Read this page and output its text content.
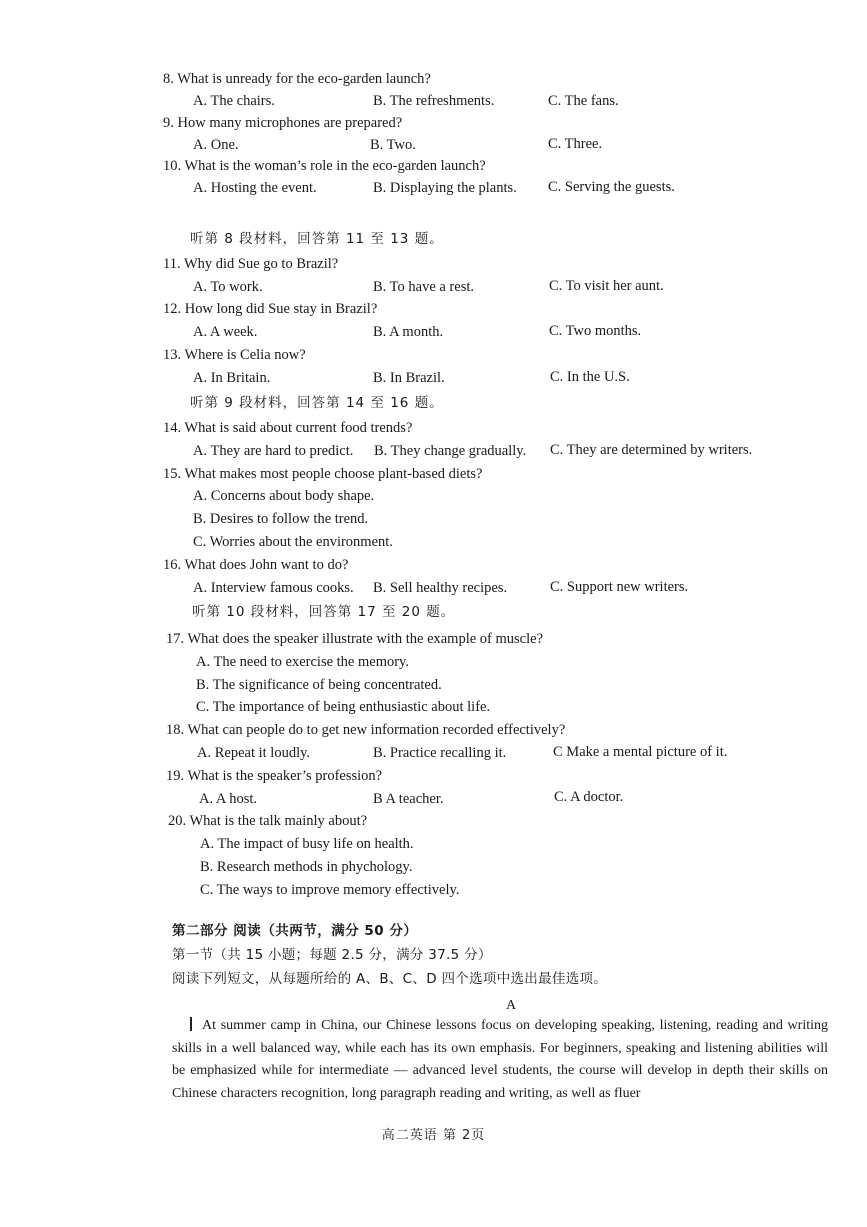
8. What is unready for the eco-garden launch?
A. The chairs.	B. The refreshments.	C. The fans.
9. How many microphones are prepared?
A. One.	B. Two.	C. Three.
10. What is the woman’s role in the eco-garden launch?
A. Hosting the event.	B. Displaying the plants. C. Serving the guests.
听第 8 段材料，回答第 11 至 13 题。
11. Why did Sue go to Brazil?
A. To work.	B. To have a rest.	C. To visit her aunt.
12. How long did Sue stay in Brazil?
A. A week.	B. A month.	C. Two months.
13. Where is Celia now?
A. In Britain.	B. In Brazil.	C. In the U.S.
听第 9 段材料，回答第 14 至 16 题。
14. What is said about current food trends?
A. They are hard to predict. B. They change gradually. C. They are determined by writers.
15. What makes most people choose plant-based diets?
A. Concerns about body shape.
B. Desires to follow the trend.
C. Worries about the environment.
16. What does John want to do?
A. Interview famous cooks. B. Sell healthy recipes.	C. Support new writers.
听第 10 段材料，回答第 17 至 20 题。
17. What does the speaker illustrate with the example of muscle?
A. The need to exercise the memory.
B. The significance of being concentrated.
C. The importance of being enthusiastic about life.
18. What can people do to get new information recorded effectively?
A. Repeat it loudly.	B. Practice recalling it.	C Make a mental picture of it.
19. What is the speaker’s profession?
A. A host.	B A teacher.	C. A doctor.
20. What is the talk mainly about?
A. The impact of busy life on health.
B. Research methods in phychology.
C. The ways to improve memory effectively.
第二部分 阅读（共两节，满分 50 分）
第一节（共 15 小题；每题 2.5 分，满分 37.5 分）
阅读下列短文，从每题所给的 A、B、C、D 四个选项中选出最佳选项。
A

At summer camp in China, our Chinese lessons focus on developing speaking, listening, reading and writing skills in a well balanced way, while each has its own emphasis. For beginners, speaking and listening abilities will be emphasized while for intermediate — advanced level students, the course will develop in depth their skills on Chinese characters recognition, long paragraph reading and writing, as well as fluer

高二英语 第 2页
